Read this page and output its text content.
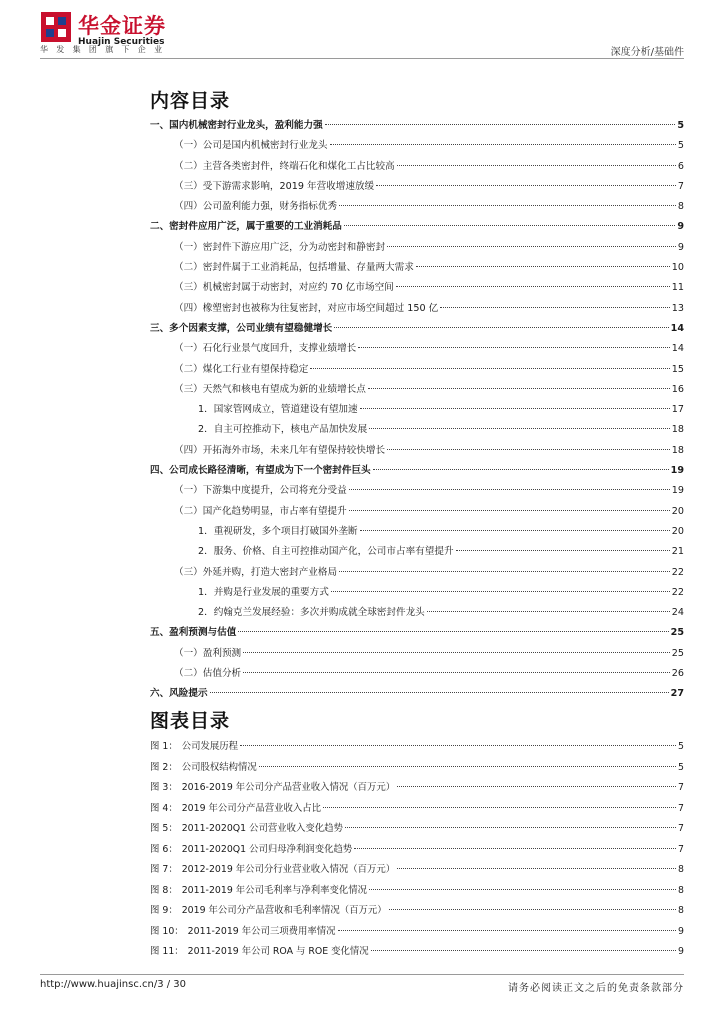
华金证券
Huajin Securities
华发集团旗下企业	深度分析/基础件
内容目录
一、国内机械密封行业龙头，盈利能力强	5
（一）公司是国内机械密封行业龙头	5
（二）主营各类密封件，终端石化和煤化工占比较高	6
（三）受下游需求影响，2019 年营收增速放缓	7
（四）公司盈利能力强，财务指标优秀	8
二、密封件应用广泛，属于重要的工业消耗品	9
（一）密封件下游应用广泛，分为动密封和静密封	9
（二）密封件属于工业消耗品，包括增量、存量两大需求	10
（三）机械密封属于动密封，对应约 70 亿市场空间	11
（四）橡塑密封也被称为往复密封，对应市场空间超过 150 亿	13
三、多个因素支撑，公司业绩有望稳健增长	14
（一）石化行业景气度回升，支撑业绩增长	14
（二）煤化工行业有望保持稳定	15
（三）天然气和核电有望成为新的业绩增长点	16
1．国家管网成立，管道建设有望加速	17
2．自主可控推动下，核电产品加快发展	18
（四）开拓海外市场，未来几年有望保持较快增长	18
四、公司成长路径清晰，有望成为下一个密封件巨头	19
（一）下游集中度提升，公司将充分受益	19
（二）国产化趋势明显，市占率有望提升	20
1．重视研发，多个项目打破国外垄断	20
2．服务、价格、自主可控推动国产化，公司市占率有望提升	21
（三）外延并购，打造大密封产业格局	22
1．并购是行业发展的重要方式	22
2．约翰克兰发展经验：多次并购成就全球密封件龙头	24
五、盈利预测与估值	25
（一）盈利预测	25
（二）估值分析	26
六、风险提示	27
图表目录
图 1： 公司发展历程	5
图 2： 公司股权结构情况	5
图 3： 2016-2019 年公司分产品营业收入情况（百万元）	7
图 4： 2019 年公司分产品营业收入占比	7
图 5： 2011-2020Q1 公司营业收入变化趋势	7
图 6： 2011-2020Q1 公司归母净利润变化趋势	7
图 7： 2012-2019 年公司分行业营业收入情况（百万元）	8
图 8： 2011-2019 年公司毛利率与净利率变化情况	8
图 9： 2019 年公司分产品营收和毛利率情况（百万元）	8
图 10： 2011-2019 年公司三项费用率情况	9
图 11： 2011-2019 年公司 ROA 与 ROE 变化情况	9
http://www.huajinsc.cn/3 / 30	请务必阅读正文之后的免责条款部分
